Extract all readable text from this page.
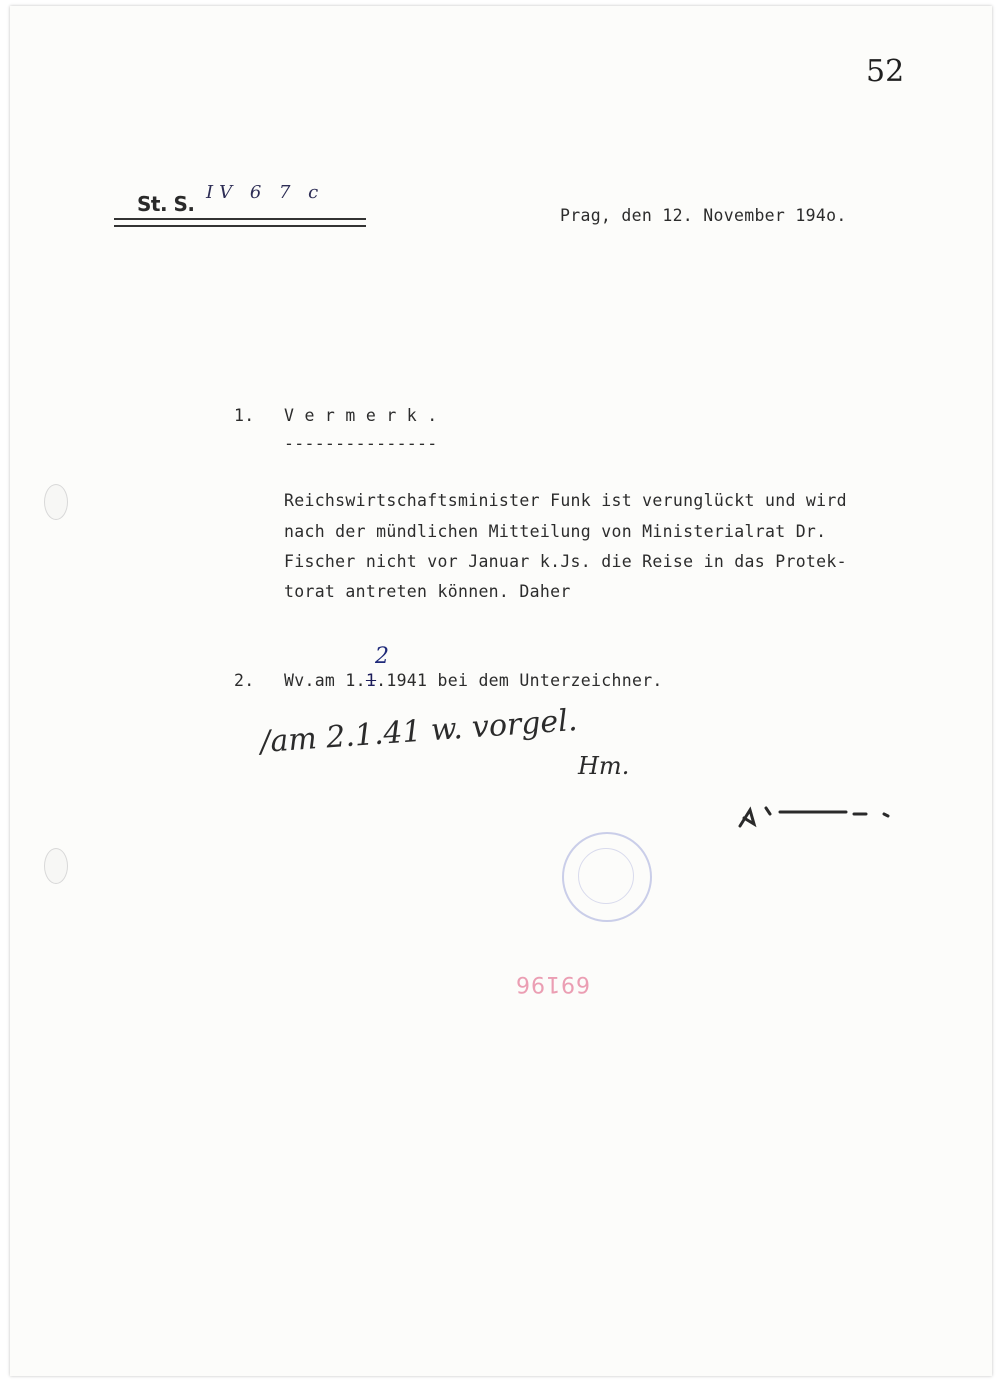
52
St. S. IV 6 7 c
Prag, den 12. November 194o.
1. V e r m e r k .
---------------
Reichswirtschaftsminister Funk ist verunglückt und wird
nach der mündlichen Mitteilung von Ministerialrat Dr.
Fischer nicht vor Januar k.Js. die Reise in das Protek-
torat antreten können. Daher
2. Wv.am 1.1.1941 bei dem Unterzeichner.
2
/am 2.1.41 w. vorgel.
Hm.
69196
